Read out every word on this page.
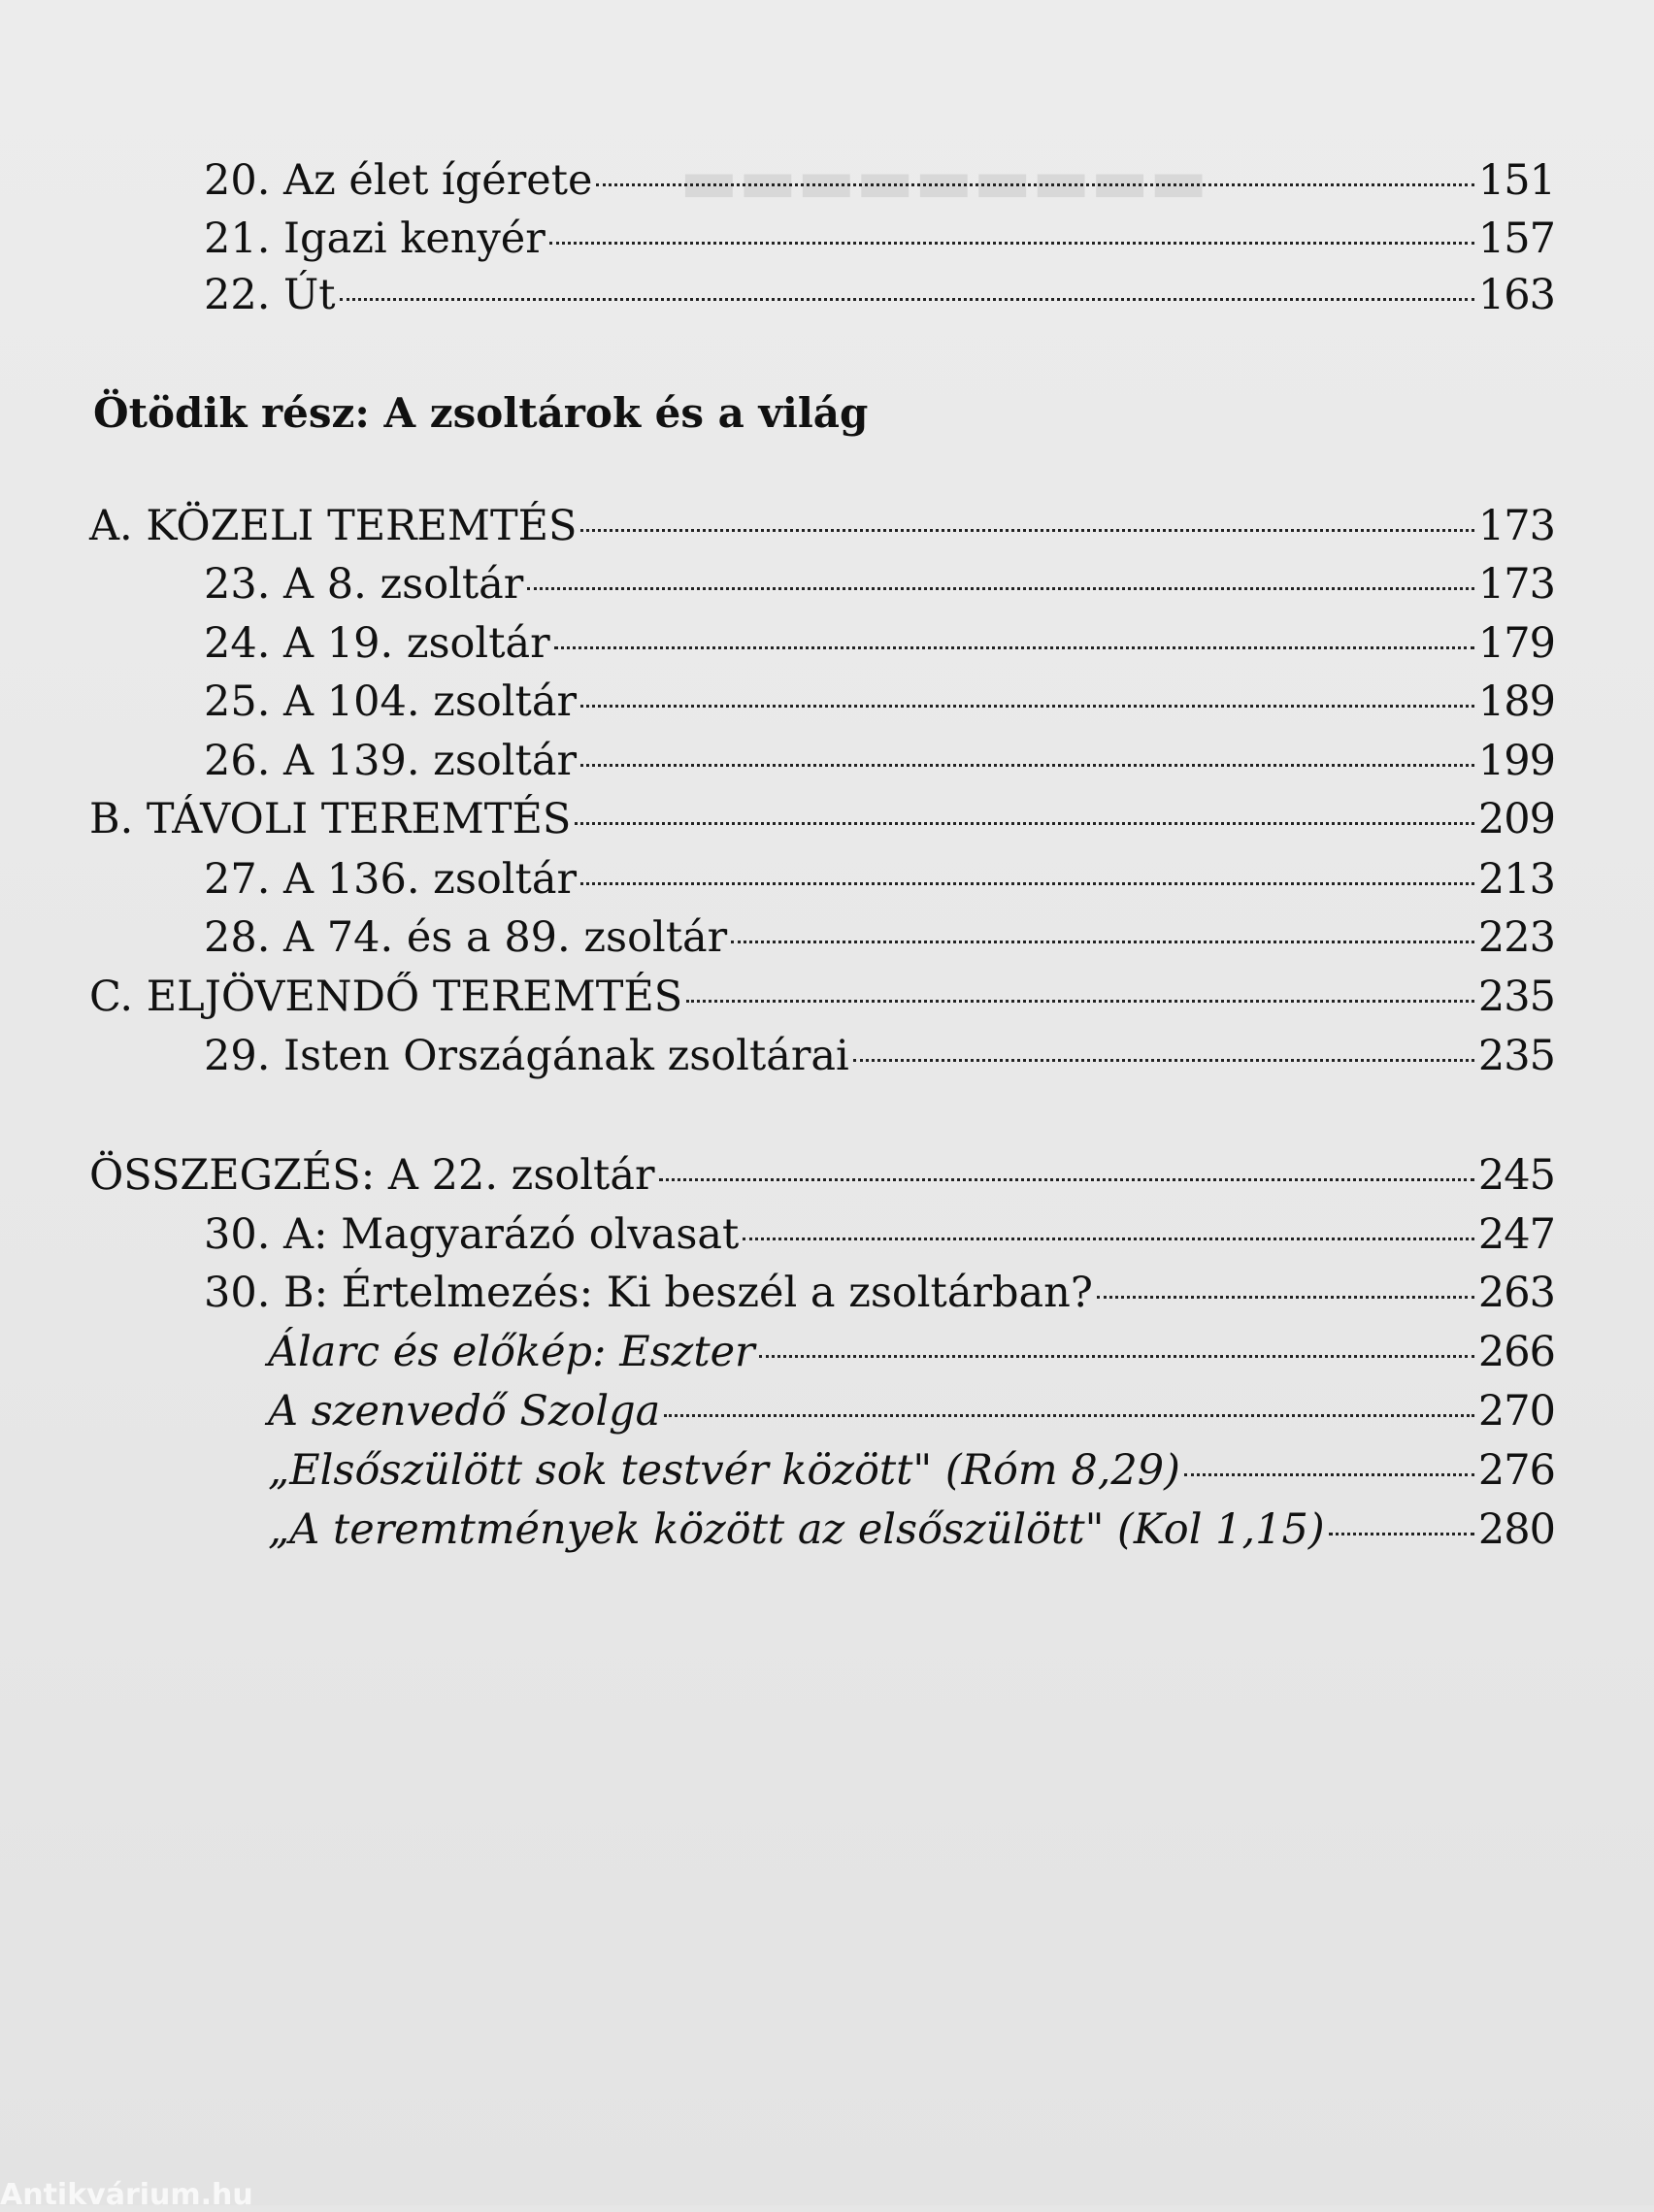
▬▬▬▬▬▬▬▬▬
20. Az élet ígérete	151
21. Igazi kenyér	157
22. Út	163
Ötödik rész: A zsoltárok és a világ
A. KÖZELI TEREMTÉS	173
23. A 8. zsoltár	173
24. A 19. zsoltár	179
25. A 104. zsoltár	189
26. A 139. zsoltár	199
B. TÁVOLI TEREMTÉS	209
27. A 136. zsoltár	213
28. A 74. és a 89. zsoltár	223
C. ELJÖVENDŐ TEREMTÉS	235
29. Isten Országának zsoltárai	235
ÖSSZEGZÉS: A 22. zsoltár	245
30. A: Magyarázó olvasat	247
30. B: Értelmezés: Ki beszél a zsoltárban?	263
Álarc és előkép: Eszter	266
A szenvedő Szolga	270
„Elsőszülött sok testvér között" (Róm 8,29)	276
„A teremtmények között az elsőszülött" (Kol 1,15)	280
Antikvárium.hu
